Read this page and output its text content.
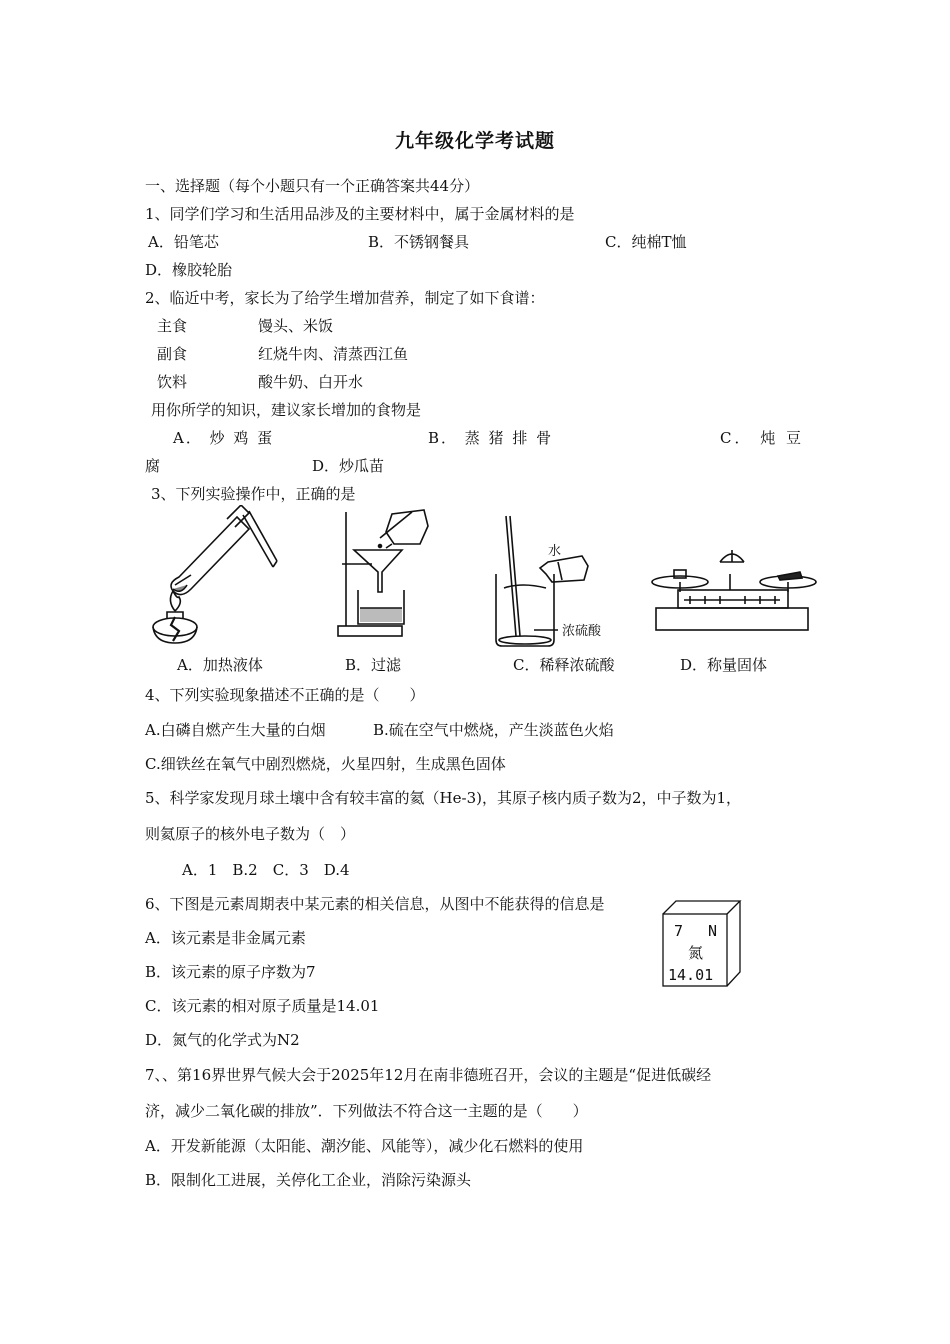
九年级化学考试题
一、选择题（每个小题只有一个正确答案共44分）
1、同学们学习和生活用品涉及的主要材料中，属于金属材料的是
A．铅笔芯	B．不锈钢餐具	C．纯棉T恤
D．橡胶轮胎
2、临近中考，家长为了给学生增加营养，制定了如下食谱：
主食	馒头、米饭
副食	红烧牛肉、清蒸西江鱼
饮料	酸牛奶、白开水
用你所学的知识，建议家长增加的食物是
A． 炒 鸡 蛋	B． 蒸 猪 排 骨	C． 炖 豆
腐	D．炒瓜苗
3、下列实验操作中，正确的是
水
浓硫酸
A．加热液体	B．过滤	C．稀释浓硫酸	D．称量固体
4、下列实验现象描述不正确的是（　　）
A.白磷自燃产生大量的白烟	B.硫在空气中燃烧，产生淡蓝色火焰
C.细铁丝在氧气中剧烈燃烧，火星四射，生成黑色固体
5、科学家发现月球土壤中含有较丰富的氦（He-3)，其原子核内质子数为2，中子数为1，
则氦原子的核外电子数为（　）
A．1　B.2　C．3　D.4
6、下图是元素周期表中某元素的相关信息，从图中不能获得的信息是
A．该元素是非金属元素
B．该元素的原子序数为7
C．该元素的相对原子质量是14.01
D．氮气的化学式为N2
7 N
氮
14.01
7、、第16界世界气候大会于2025年12月在南非德班召开，会议的主题是“促进低碳经
济，减少二氧化碳的排放”．下列做法不符合这一主题的是（　　）
A．开发新能源（太阳能、潮汐能、风能等），减少化石燃料的使用
B．限制化工进展，关停化工企业，消除污染源头
